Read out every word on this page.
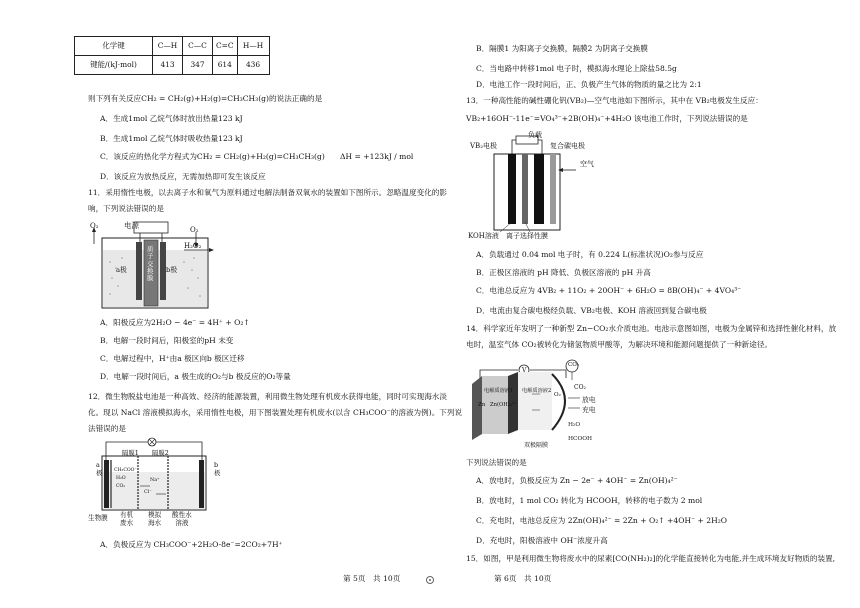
化学键	C—H	C—C	C=C	H—H
键能/(kJ·mol)	413	347	614	436
则下列有关反应CH₂ = CH₂(g)+H₂(g)=CH₃CH₃(g)的说法正确的是
A．生成1mol 乙烷气体时放出热量123 kJ
B．生成1mol 乙烷气体时吸收热量123 kJ
C．该反应的热化学方程式为CH₂ = CH₂(g)+H₂(g)=CH₃CH₃(g)　　ΔH = +123kJ / mol
D．该反应为放热反应，无需加热即可发生该反应
11．采用惰性电极，以去离子水和氧气为原料通过电解法制备双氧水的装置如下图所示。忽略温度变化的影
响，下列说法错误的是
O₂	电源	O₂
H₂O₂
a极	b极
质
子
交
换
膜
A．阳极反应为2H₂O − 4e⁻ = 4H⁺ + O₂↑
B．电解一段时间后，阳极室的pH 未变
C．电解过程中，H⁺由a 极区向b 极区迁移
D．电解一段时间后，a 极生成的O₂与b 极反应的O₂等量
12．微生物脱盐电池是一种高效、经济的能源装置，利用微生物处理有机废水获得电能，同时可实现海水淡
化。现以 NaCl 溶液模拟海水，采用惰性电极，用下图装置处理有机废水(以含 CH₃COO⁻的溶液为例)。下列说
法错误的是
隔膜1 隔膜2
a
极
b
极
CH₃COO⁻
H₂O
CO₂
Na⁺
Cl⁻
有机
废水
模拟
海水
酸性水
溶液
生物膜
A．负极反应为 CH₃COO⁻+2H₂O-8e⁻=2CO₂+7H⁺
第 5页　共 10页
B．隔膜1 为阳离子交换膜，隔膜2 为阴离子交换膜
C．当电路中转移1mol 电子时，模拟海水理论上除盐58.5g
D．电池工作一段时间后，正、负极产生气体的物质的量之比为 2:1
13．一种高性能的碱性硼化钒(VB₂)—空气电池如下图所示，其中在 VB₂电极发生反应：
VB₂+16OH⁻-11e⁻=VO₄³⁻+2B(OH)₄⁻+4H₂O 该电池工作时，下列说法错误的是
负载
VB₂电极	复合碳电极
空气
KOH溶液 离子选择性膜
A．负载通过 0.04 mol 电子时，有 0.224 L(标准状况)O₂参与反应
B．正极区溶液的 pH 降低、负极区溶液的 pH 升高
C．电池总反应为 4VB₂ + 11O₂ + 20OH⁻ + 6H₂O = 8B(OH)₄⁻ + 4VO₄³⁻
D．电流由复合碳电极经负载、VB₂电极、KOH 溶液回到复合碳电极
14．科学家近年发明了一种新型 Zn−CO₂水介质电池。电池示意图如图，电极为金属锌和选择性催化材料，放
电时，温室气体 CO₂被转化为储氢物质甲酸等，为解决环境和能源问题提供了一种新途径。
CO₂
V
CO₂
电解质溶液1 电解质溶液2
Zn Zn(OH)₄²⁻
O₂
放电
充电
H₂O
HCOOH
双极隔膜
下列说法错误的是
A．放电时，负极反应为 Zn − 2e⁻ + 4OH⁻ = Zn(OH)₄²⁻
B．放电时，1 mol CO₂ 转化为 HCOOH，转移的电子数为 2 mol
C．充电时，电池总反应为 2Zn(OH)₄²⁻ = 2Zn + O₂↑ +4OH⁻ + 2H₂O
D．充电时，阳极溶液中 OH⁻浓度升高
15．如图，甲是利用微生物将废水中的尿素[CO(NH₂)₂]的化学能直接转化为电能,并生成环境友好物质的装置,
第 6页　共 10页
